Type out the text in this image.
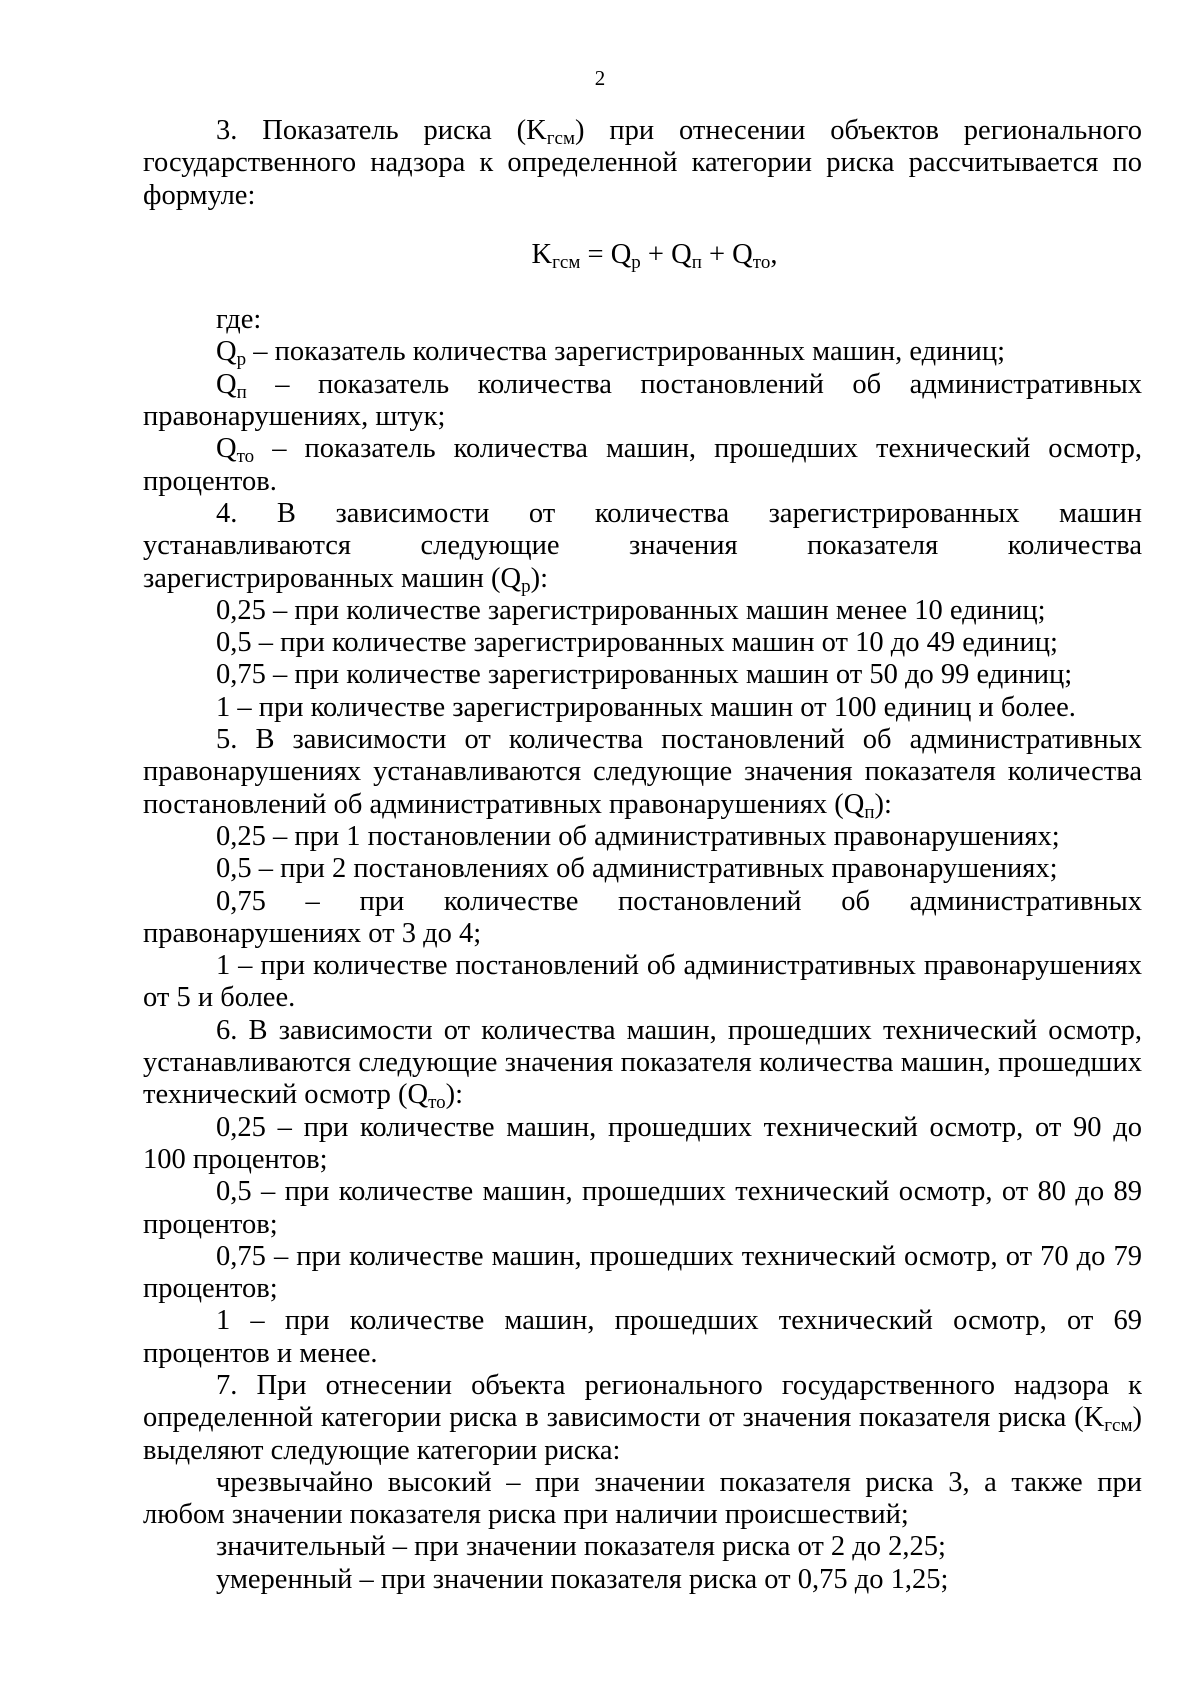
2

3. Показатель риска $(K_{гсм})$ при отнесении объектов регионального государственного надзора к определенной категории риска рассчитывается по формуле:

$K_{гсм} = Q_р + Q_п + Q_{то}$,

где:

$Q_р$ – показатель количества зарегистрированных машин, единиц;

$Q_п$ – показатель количества постановлений об административных правонарушениях, штук;

$Q_{то}$ – показатель количества машин, прошедших технический осмотр, процентов.

4. В зависимости от количества зарегистрированных машин устанавливаются следующие значения показателя количества зарегистрированных машин $(Q_р)$:

0,25 – при количестве зарегистрированных машин менее 10 единиц;

0,5 – при количестве зарегистрированных машин от 10 до 49 единиц;

0,75 – при количестве зарегистрированных машин от 50 до 99 единиц;

1 – при количестве зарегистрированных машин от 100 единиц и более.

5. В зависимости от количества постановлений об административных правонарушениях устанавливаются следующие значения показателя количества постановлений об административных правонарушениях $(Q_п)$:

0,25 – при 1 постановлении об административных правонарушениях;

0,5 – при 2 постановлениях об административных правонарушениях;

0,75 – при количестве постановлений об административных правонарушениях от 3 до 4;

1 – при количестве постановлений об административных правонарушениях от 5 и более.

6. В зависимости от количества машин, прошедших технический осмотр, устанавливаются следующие значения показателя количества машин, прошедших технический осмотр $(Q_{то})$:

0,25 – при количестве машин, прошедших технический осмотр, от 90 до 100 процентов;

0,5 – при количестве машин, прошедших технический осмотр, от 80 до 89 процентов;

0,75 – при количестве машин, прошедших технический осмотр, от 70 до 79 процентов;

1 – при количестве машин, прошедших технический осмотр, от 69 процентов и менее.

7. При отнесении объекта регионального государственного надзора к определенной категории риска в зависимости от значения показателя риска $(K_{гсм})$ выделяют следующие категории риска:

чрезвычайно высокий – при значении показателя риска 3, а также при любом значении показателя риска при наличии происшествий;

значительный – при значении показателя риска от 2 до 2,25;

умеренный – при значении показателя риска от 0,75 до 1,25;
